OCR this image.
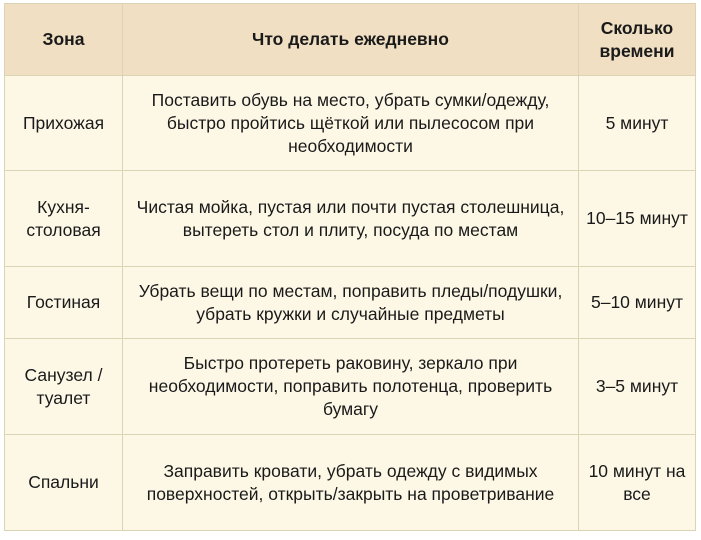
Зона	Что делать ежедневно	Сколько времени
Прихожая	Поставить обувь на место, убрать сумки/одежду, быстро пройтись щёткой или пылесосом при необходимости	5 минут
Кухня-столовая	Чистая мойка, пустая или почти пустая столешница, вытереть стол и плиту, посуда по местам	10–15 минут
Гостиная	Убрать вещи по местам, поправить пледы/подушки, убрать кружки и случайные предметы	5–10 минут
Санузел / туалет	Быстро протереть раковину, зеркало при необходимости, поправить полотенца, проверить бумагу	3–5 минут
Спальни	Заправить кровати, убрать одежду с видимых поверхностей, открыть/закрыть на проветривание	10 минут на все
